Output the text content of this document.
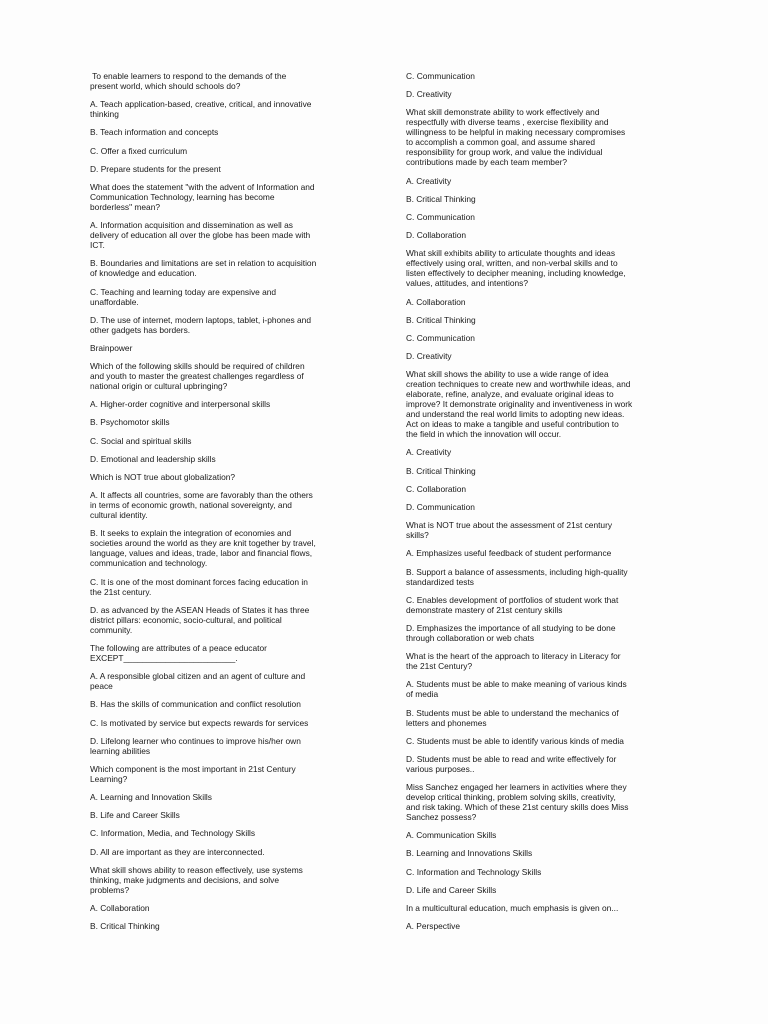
To enable learners to respond to the demands of the
present world, which should schools do?
A. Teach application-based, creative, critical, and innovative
thinking
B. Teach information and concepts
C. Offer a fixed curriculum
D. Prepare students for the present
What does the statement "with the advent of Information and
Communication Technology, learning has become
borderless" mean?
A. Information acquisition and dissemination as well as
delivery of education all over the globe has been made with
ICT.
B. Boundaries and limitations are set in relation to acquisition
of knowledge and education.
C. Teaching and learning today are expensive and
unaffordable.
D. The use of internet, modern laptops, tablet, i-phones and
other gadgets has borders.
Brainpower
Which of the following skills should be required of children
and youth to master the greatest challenges regardless of
national origin or cultural upbringing?
A. Higher-order cognitive and interpersonal skills
B. Psychomotor skills
C. Social and spiritual skills
D. Emotional and leadership skills
Which is NOT true about globalization?
A. It affects all countries, some are favorably than the others
in terms of economic growth, national sovereignty, and
cultural identity.
B. It seeks to explain the integration of economies and
societies around the world as they are knit together by travel,
language, values and ideas, trade, labor and financial flows,
communication and technology.
C. It is one of the most dominant forces facing education in
the 21st century.
D. as advanced by the ASEAN Heads of States it has three
district pillars: economic, socio-cultural, and political
community.
The following are attributes of a peace educator
EXCEPT________________________.
A. A responsible global citizen and an agent of culture and
peace
B. Has the skills of communication and conflict resolution
C. Is motivated by service but expects rewards for services
D. Lifelong learner who continues to improve his/her own
learning abilities
Which component is the most important in 21st Century
Learning?
A. Learning and Innovation Skills
B. Life and Career Skills
C. Information, Media, and Technology Skills
D. All are important as they are interconnected.
What skill shows ability to reason effectively, use systems
thinking, make judgments and decisions, and solve
problems?
A. Collaboration
B. Critical Thinking
C. Communication
D. Creativity
What skill demonstrate ability to work effectively and
respectfully with diverse teams , exercise flexibility and
willingness to be helpful in making necessary compromises
to accomplish a common goal, and assume shared
responsibility for group work, and value the individual
contributions made by each team member?
A. Creativity
B. Critical Thinking
C. Communication
D. Collaboration
What skill exhibits ability to articulate thoughts and ideas
effectively using oral, written, and non-verbal skills and to
listen effectively to decipher meaning, including knowledge,
values, attitudes, and intentions?
A. Collaboration
B. Critical Thinking
C. Communication
D. Creativity
What skill shows the ability to use a wide range of idea
creation techniques to create new and worthwhile ideas, and
elaborate, refine, analyze, and evaluate original ideas to
improve? It demonstrate originality and inventiveness in work
and understand the real world limits to adopting new ideas.
Act on ideas to make a tangible and useful contribution to
the field in which the innovation will occur.
A. Creativity
B. Critical Thinking
C. Collaboration
D. Communication
What is NOT true about the assessment of 21st century
skills?
A. Emphasizes useful feedback of student performance
B. Support a balance of assessments, including high-quality
standardized tests
C. Enables development of portfolios of student work that
demonstrate mastery of 21st century skills
D. Emphasizes the importance of all studying to be done
through collaboration or web chats
What is the heart of the approach to literacy in Literacy for
the 21st Century?
A. Students must be able to make meaning of various kinds
of media
B. Students must be able to understand the mechanics of
letters and phonemes
C. Students must be able to identify various kinds of media
D. Students must be able to read and write effectively for
various purposes..
Miss Sanchez engaged her learners in activities where they
develop critical thinking, problem solving skills, creativity,
and risk taking. Which of these 21st century skills does Miss
Sanchez possess?
A. Communication Skills
B. Learning and Innovations Skills
C. Information and Technology Skills
D. Life and Career Skills
In a multicultural education, much emphasis is given on...
A. Perspective
